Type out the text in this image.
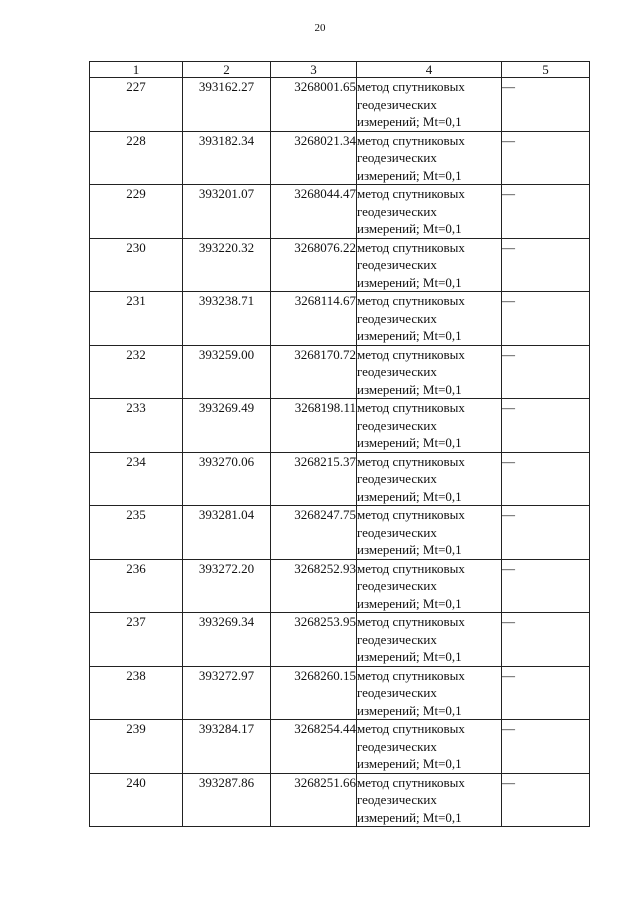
20
1	2	3	4	5
227	393162.27	3268001.65	метод спутниковых
геодезических
измерений; Mt=0,1	—
228	393182.34	3268021.34	метод спутниковых
геодезических
измерений; Mt=0,1	—
229	393201.07	3268044.47	метод спутниковых
геодезических
измерений; Mt=0,1	—
230	393220.32	3268076.22	метод спутниковых
геодезических
измерений; Mt=0,1	—
231	393238.71	3268114.67	метод спутниковых
геодезических
измерений; Mt=0,1	—
232	393259.00	3268170.72	метод спутниковых
геодезических
измерений; Mt=0,1	—
233	393269.49	3268198.11	метод спутниковых
геодезических
измерений; Mt=0,1	—
234	393270.06	3268215.37	метод спутниковых
геодезических
измерений; Mt=0,1	—
235	393281.04	3268247.75	метод спутниковых
геодезических
измерений; Mt=0,1	—
236	393272.20	3268252.93	метод спутниковых
геодезических
измерений; Mt=0,1	—
237	393269.34	3268253.95	метод спутниковых
геодезических
измерений; Mt=0,1	—
238	393272.97	3268260.15	метод спутниковых
геодезических
измерений; Mt=0,1	—
239	393284.17	3268254.44	метод спутниковых
геодезических
измерений; Mt=0,1	—
240	393287.86	3268251.66	метод спутниковых
геодезических
измерений; Mt=0,1	—
